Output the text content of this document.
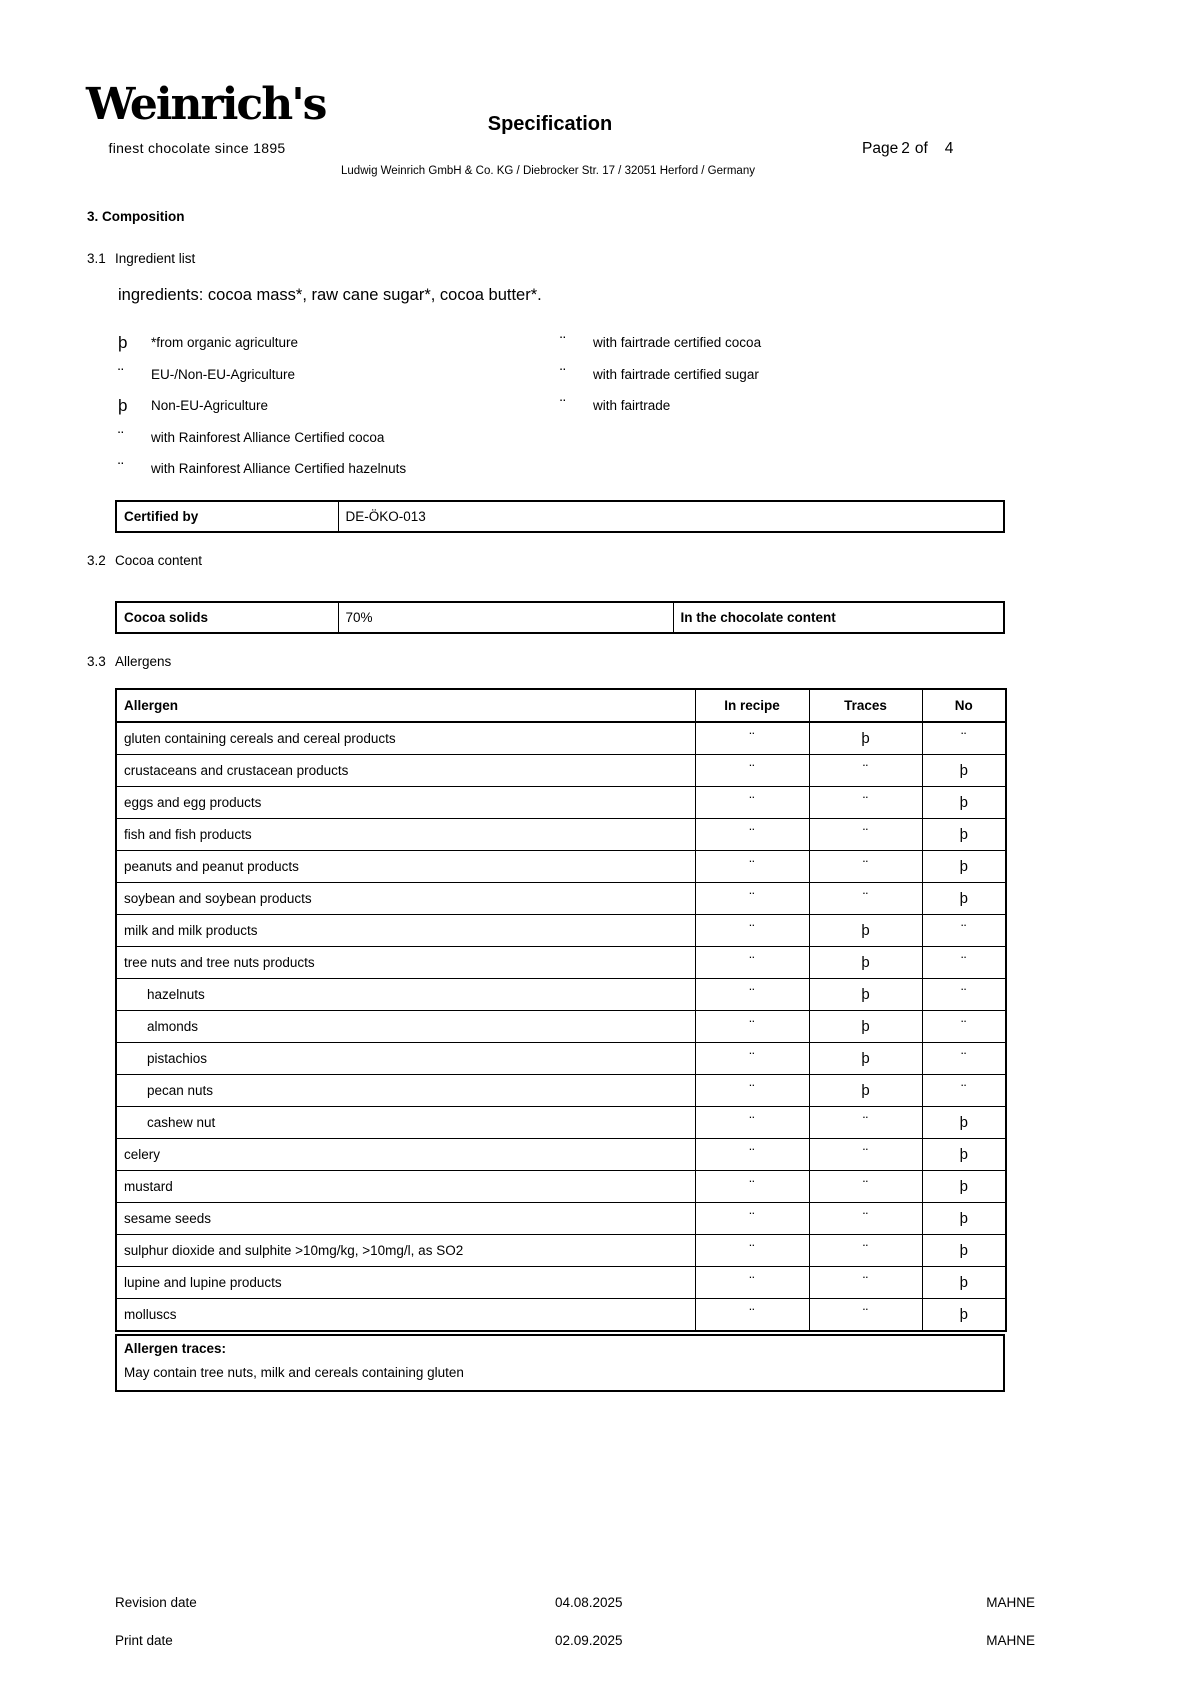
Weinrich's
finest chocolate since 1895
Specification
Page 2 of 4
Ludwig Weinrich GmbH & Co. KG / Diebrocker Str. 17 / 32051 Herford / Germany
3. Composition
3.1 Ingredient list
ingredients: cocoa mass*, raw cane sugar*, cocoa butter*.
þ	*from organic agriculture
¨	EU-/Non-EU-Agriculture
þ	Non-EU-Agriculture
¨	with Rainforest Alliance Certified cocoa
¨	with Rainforest Alliance Certified hazelnuts
¨	with fairtrade certified cocoa
¨	with fairtrade certified sugar
¨	with fairtrade
Certified by	DE-ÖKO-013
3.2 Cocoa content
Cocoa solids	70%	In the chocolate content
3.3 Allergens
Allergen	In recipe	Traces	No
gluten containing cereals and cereal products	¨	þ	¨
crustaceans and crustacean products	¨	¨	þ
eggs and egg products	¨	¨	þ
fish and fish products	¨	¨	þ
peanuts and peanut products	¨	¨	þ
soybean and soybean products	¨	¨	þ
milk and milk products	¨	þ	¨
tree nuts and tree nuts products	¨	þ	¨
hazelnuts	¨	þ	¨
almonds	¨	þ	¨
pistachios	¨	þ	¨
pecan nuts	¨	þ	¨
cashew nut	¨	¨	þ
celery	¨	¨	þ
mustard	¨	¨	þ
sesame seeds	¨	¨	þ
sulphur dioxide and sulphite >10mg/kg, >10mg/l, as SO2	¨	¨	þ
lupine and lupine products	¨	¨	þ
molluscs	¨	¨	þ
Allergen traces:
May contain tree nuts, milk and cereals containing gluten
Revision date	04.08.2025	MAHNE
Print date	02.09.2025	MAHNE
